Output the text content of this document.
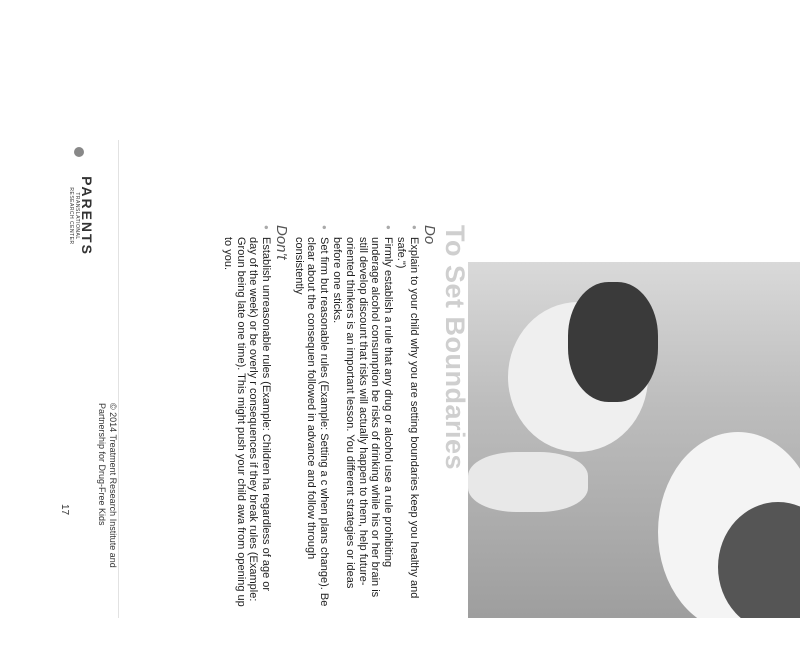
To Set Boundaries
Do
● Explain to your child why you are setting boundaries keep you healthy and safe.")
● Firmly establish a rule that any drug or alcohol use a rule prohibiting underage alcohol consumption be risks of drinking while his or her brain is still develop discount that risks will actually happen to them, help future-oriented thinkers is an important lesson. You different strategies or ideas before one sticks.
● Set firm but reasonable rules (Example: Setting a c when plans change). Be clear about the consequen followed in advance and follow through consistently
Don't
● Establish unreasonable rules (Example: Children ha regardless of age or day of the week) or be overly r consequences if they break rules (Example: Groun being late one time). This might push your child awa from opening up to you.
PARENTS
TRANSLATIONAL
RESEARCH CENTER
© 2014 Treatment Research Institute and
Partnership for Drug-Free Kids
17
